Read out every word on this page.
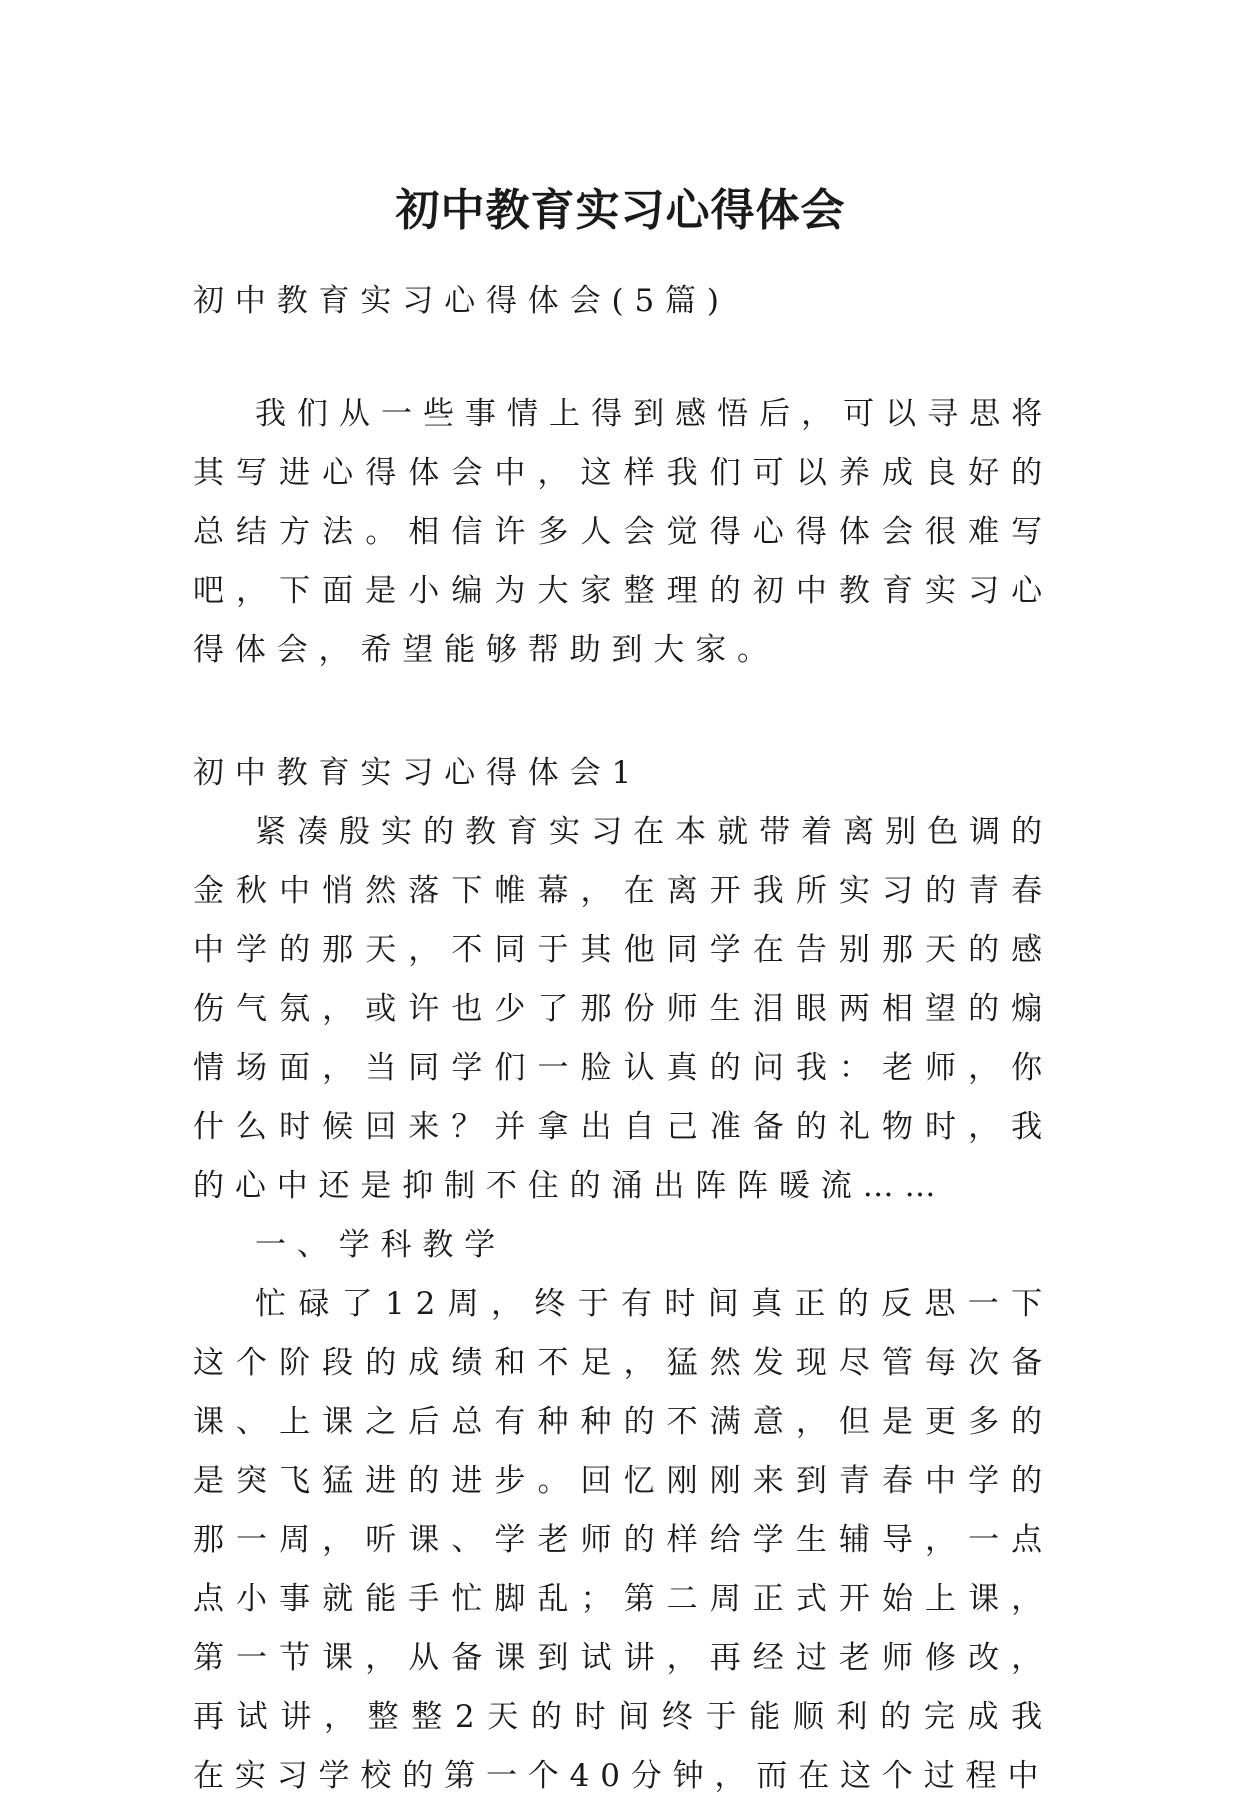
初中教育实习心得体会

初中教育实习心得体会(5篇)

我们从一些事情上得到感悟后，可以寻思将其写进心得体会中，这样我们可以养成良好的总结方法。相信许多人会觉得心得体会很难写吧，下面是小编为大家整理的初中教育实习心得体会，希望能够帮助到大家。

初中教育实习心得体会1

紧凑殷实的教育实习在本就带着离别色调的金秋中悄然落下帷幕，在离开我所实习的青春中学的那天，不同于其他同学在告别那天的感伤气氛，或许也少了那份师生泪眼两相望的煽情场面，当同学们一脸认真的问我：老师，你什么时候回来？并拿出自己准备的礼物时，我的心中还是抑制不住的涌出阵阵暖流……

一、学科教学

忙碌了12周，终于有时间真正的反思一下这个阶段的成绩和不足，猛然发现尽管每次备课、上课之后总有种种的不满意，但是更多的是突飞猛进的进步。回忆刚刚来到青春中学的那一周，听课、学老师的样给学生辅导，一点点小事就能手忙脚乱；第二周正式开始上课，第一节课，从备课到试讲，再经过老师修改，再试讲，整整2天的时间终于能顺利的完成我在实习学校的第一个40分钟，而在这个过程中
